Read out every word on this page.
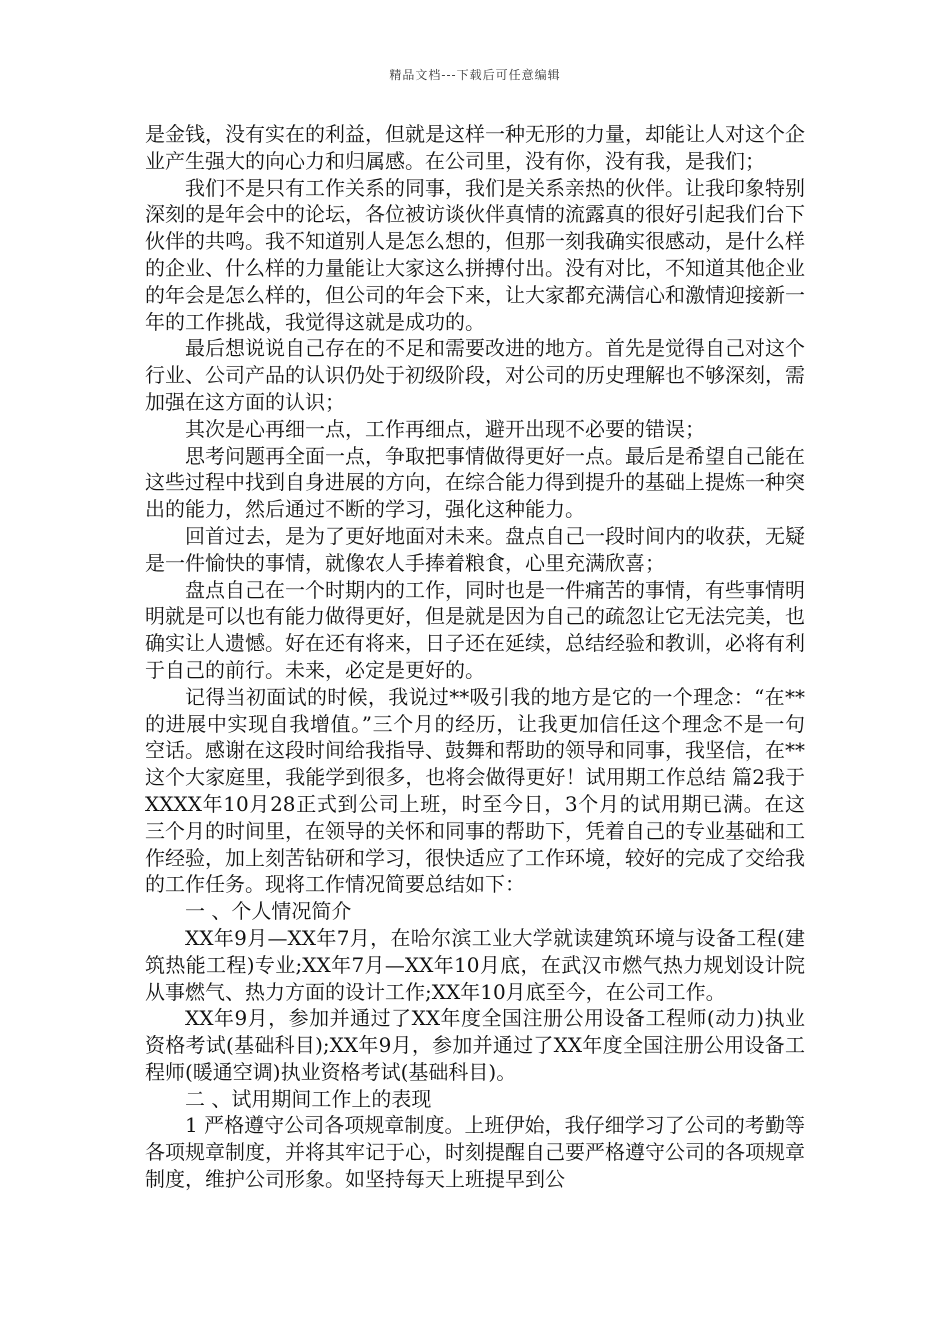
精品文档---下载后可任意编辑

是金钱，没有实在的利益，但就是这样一种无形的力量，却能让人对这个企业产生强大的向心力和归属感。在公司里，没有你，没有我，是我们；

我们不是只有工作关系的同事，我们是关系亲热的伙伴。让我印象特别深刻的是年会中的论坛，各位被访谈伙伴真情的流露真的很好引起我们台下伙伴的共鸣。我不知道别人是怎么想的，但那一刻我确实很感动，是什么样的企业、什么样的力量能让大家这么拼搏付出。没有对比，不知道其他企业的年会是怎么样的，但公司的年会下来，让大家都充满信心和激情迎接新一年的工作挑战，我觉得这就是成功的。

最后想说说自己存在的不足和需要改进的地方。首先是觉得自己对这个行业、公司产品的认识仍处于初级阶段，对公司的历史理解也不够深刻，需加强在这方面的认识；

其次是心再细一点，工作再细点，避开出现不必要的错误；

思考问题再全面一点，争取把事情做得更好一点。最后是希望自己能在这些过程中找到自身进展的方向，在综合能力得到提升的基础上提炼一种突出的能力，然后通过不断的学习，强化这种能力。

回首过去，是为了更好地面对未来。盘点自己一段时间内的收获，无疑是一件愉快的事情，就像农人手捧着粮食，心里充满欣喜；

盘点自己在一个时期内的工作，同时也是一件痛苦的事情，有些事情明明就是可以也有能力做得更好，但是就是因为自己的疏忽让它无法完美，也确实让人遗憾。好在还有将来，日子还在延续，总结经验和教训，必将有利于自己的前行。未来，必定是更好的。

记得当初面试的时候，我说过**吸引我的地方是它的一个理念：“在**的进展中实现自我增值。”三个月的经历，让我更加信任这个理念不是一句空话。感谢在这段时间给我指导、鼓舞和帮助的领导和同事，我坚信，在**这个大家庭里，我能学到很多，也将会做得更好！试用期工作总结 篇2我于XXXX年10月28正式到公司上班，时至今日，3个月的试用期已满。在这三个月的时间里，在领导的关怀和同事的帮助下，凭着自己的专业基础和工作经验，加上刻苦钻研和学习，很快适应了工作环境，较好的完成了交给我的工作任务。现将工作情况简要总结如下：

一 、个人情况简介

XX年9月—XX年7月，在哈尔滨工业大学就读建筑环境与设备工程(建筑热能工程)专业;XX年7月—XX年10月底，在武汉市燃气热力规划设计院从事燃气、热力方面的设计工作;XX年10月底至今，在公司工作。

XX年9月，参加并通过了XX年度全国注册公用设备工程师(动力)执业资格考试(基础科目);XX年9月，参加并通过了XX年度全国注册公用设备工程师(暖通空调)执业资格考试(基础科目)。

二 、试用期间工作上的表现

1 严格遵守公司各项规章制度。上班伊始，我仔细学习了公司的考勤等各项规章制度，并将其牢记于心，时刻提醒自己要严格遵守公司的各项规章制度，维护公司形象。如坚持每天上班提早到公
